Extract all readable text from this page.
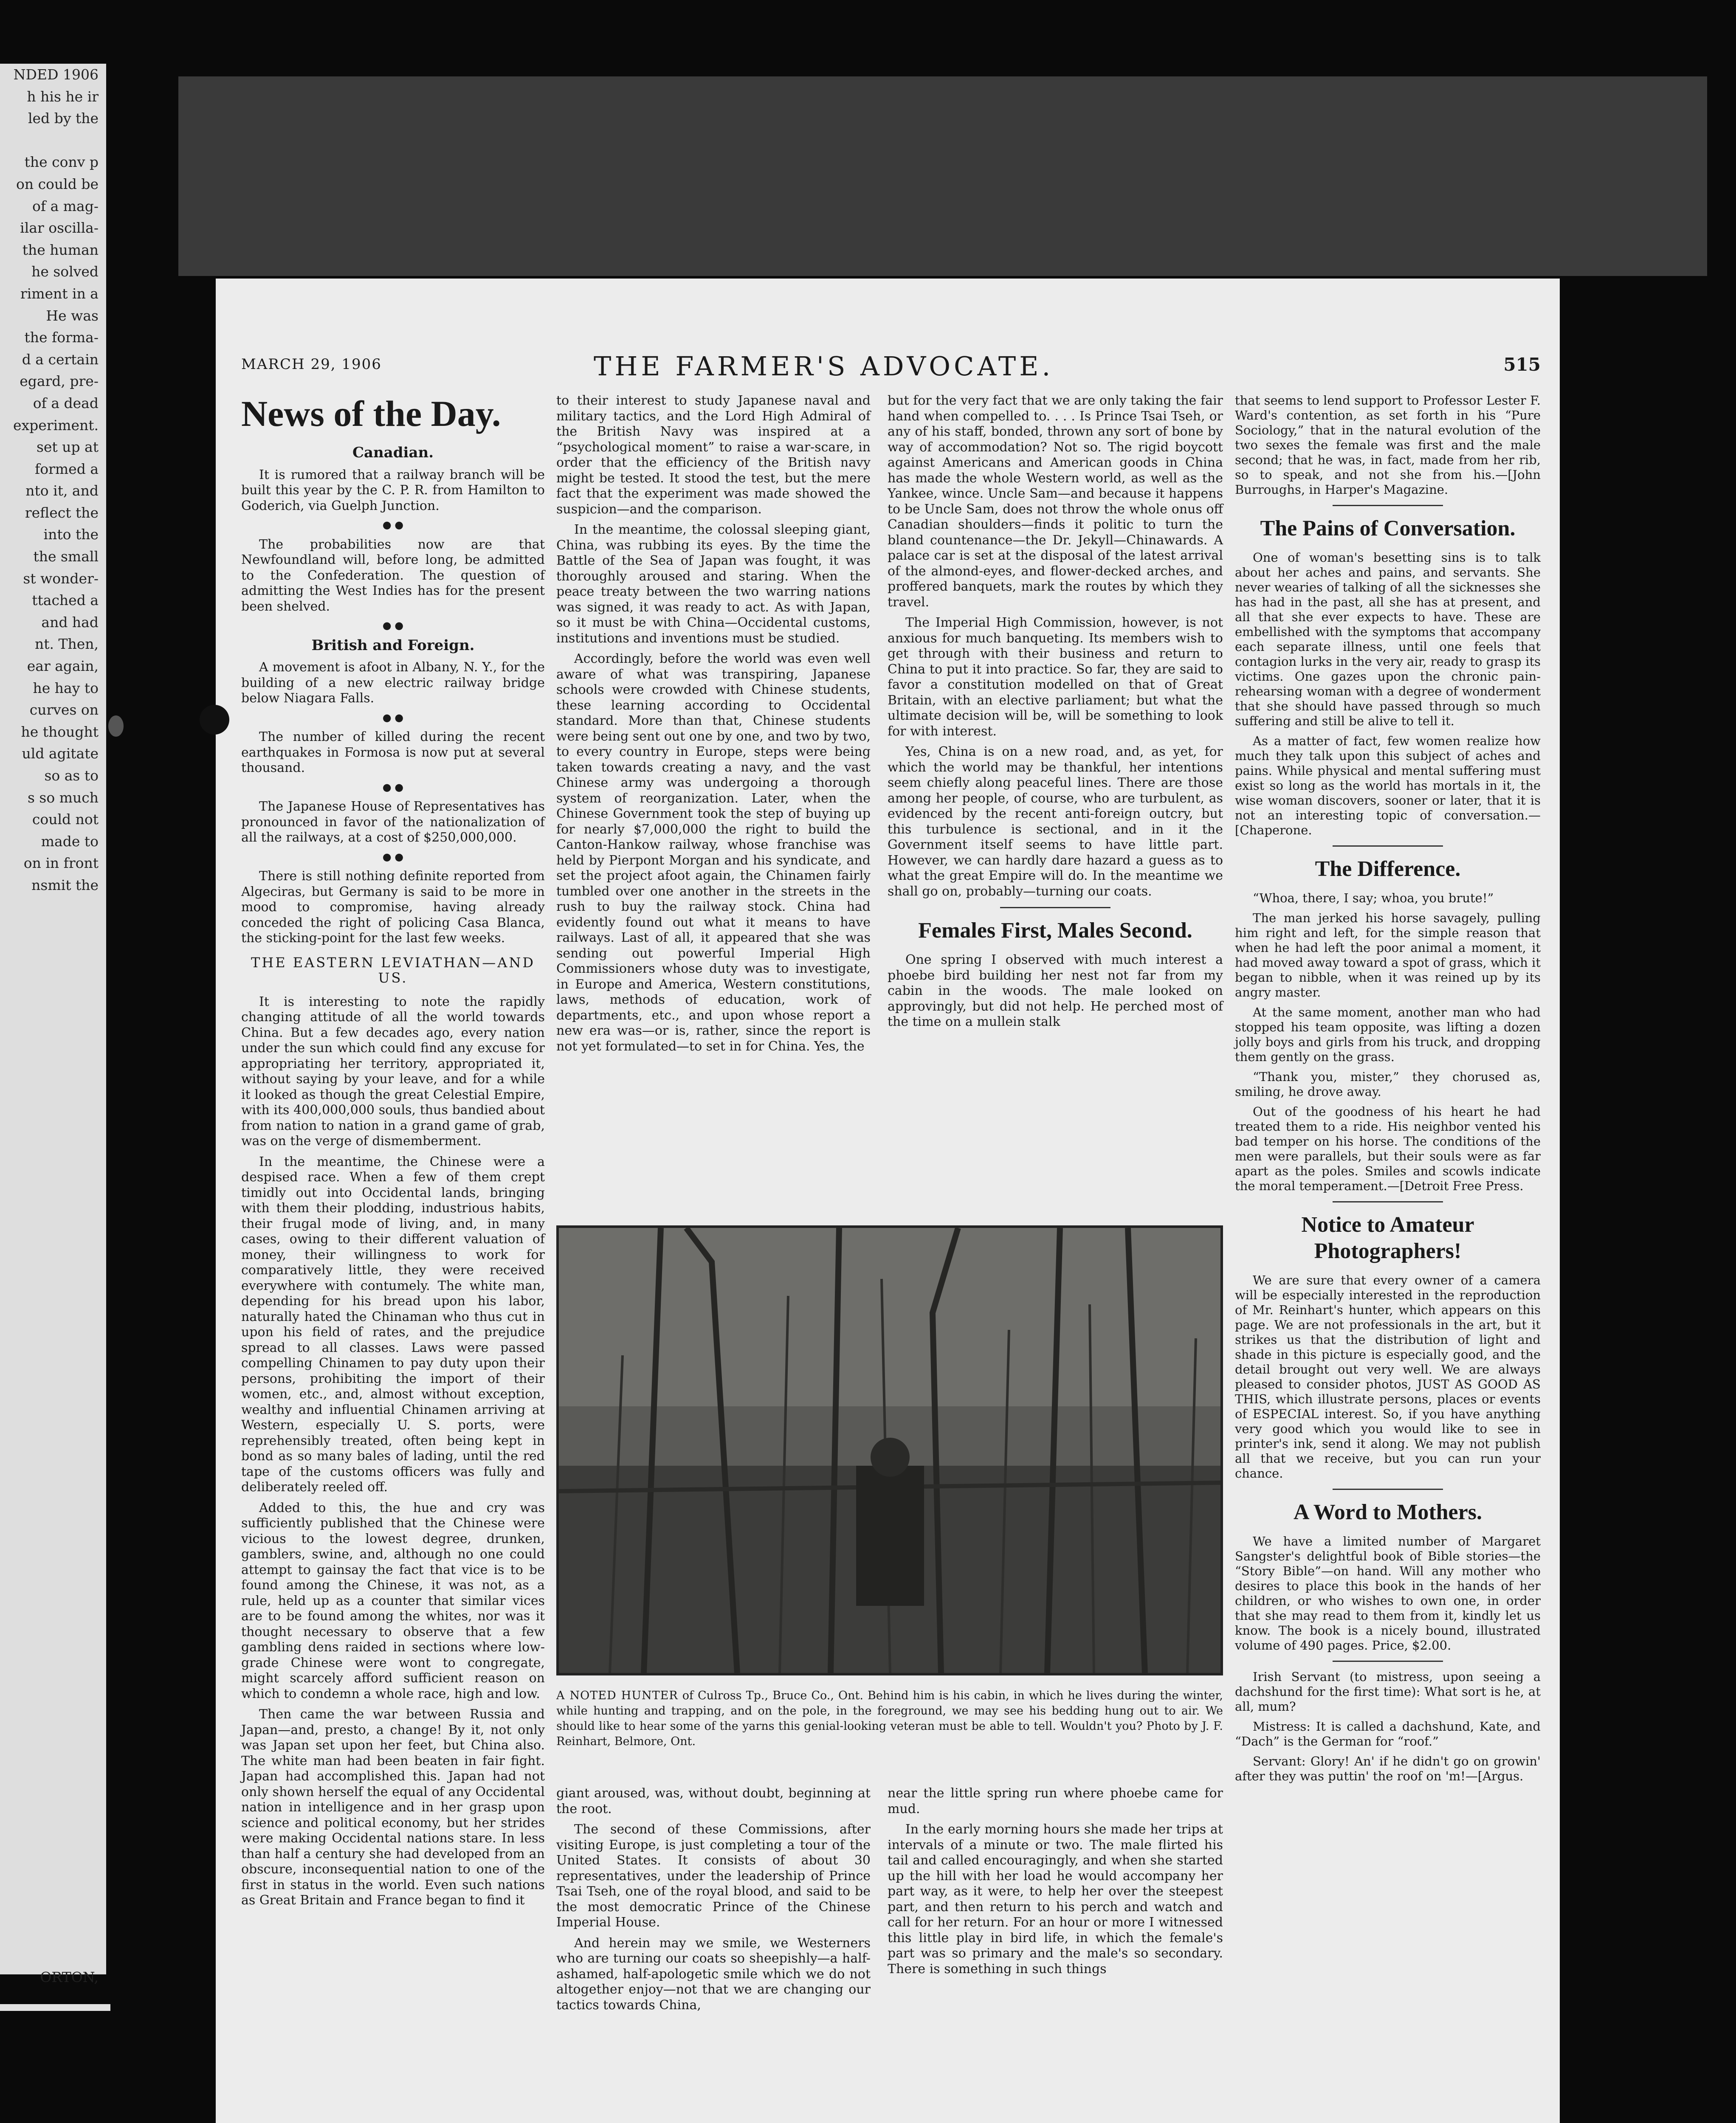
NDED 1906
h his he ir
led by the

the conv p
on could be
of a mag-
ilar oscilla-
the human
he solved
riment in a
He was
the forma-
d a certain
egard, pre-
of a dead
experiment.
set up at
formed a
nto it, and
reflect the
into the
the small
st wonder-
ttached a
and had
nt. Then,
ear again,
he hay to
curves on
he thought
uld agitate
so as to
s so much
could not
made to
on in front
nsmit the
ORTON,
MARCH 29, 1906	THE FARMER'S ADVOCATE.	515
News of the Day.
Canadian.

It is rumored that a railway branch will be built this year by the C. P. R. from Hamilton to Goderich, via Guelph Junction.

● ●

The probabilities now are that Newfoundland will, before long, be admitted to the Confederation. The question of admitting the West Indies has for the present been shelved.

● ●
British and Foreign.

A movement is afoot in Albany, N. Y., for the building of a new electric railway bridge below Niagara Falls.

● ●

The number of killed during the recent earthquakes in Formosa is now put at several thousand.

● ●

The Japanese House of Representatives has pronounced in favor of the nationalization of all the railways, at a cost of $250,000,000.

● ●

There is still nothing definite reported from Algeciras, but Germany is said to be more in mood to compromise, having already conceded the right of policing Casa Blanca, the sticking-point for the last few weeks.

THE EASTERN LEVIATHAN—AND US.

It is interesting to note the rapidly changing attitude of all the world towards China. But a few decades ago, every nation under the sun which could find any excuse for appropriating her territory, appropriated it, without saying by your leave, and for a while it looked as though the great Celestial Empire, with its 400,000,000 souls, thus bandied about from nation to nation in a grand game of grab, was on the verge of dismemberment.

In the meantime, the Chinese were a despised race. When a few of them crept timidly out into Occidental lands, bringing with them their plodding, industrious habits, their frugal mode of living, and, in many cases, owing to their different valuation of money, their willingness to work for comparatively little, they were received everywhere with contumely. The white man, depending for his bread upon his labor, naturally hated the Chinaman who thus cut in upon his field of rates, and the prejudice spread to all classes. Laws were passed compelling Chinamen to pay duty upon their persons, prohibiting the import of their women, etc., and, almost without exception, wealthy and influential Chinamen arriving at Western, especially U. S. ports, were reprehensibly treated, often being kept in bond as so many bales of lading, until the red tape of the customs officers was fully and deliberately reeled off.

Added to this, the hue and cry was sufficiently published that the Chinese were vicious to the lowest degree, drunken, gamblers, swine, and, although no one could attempt to gainsay the fact that vice is to be found among the Chinese, it was not, as a rule, held up as a counter that similar vices are to be found among the whites, nor was it thought necessary to observe that a few gambling dens raided in sections where low-grade Chinese were wont to congregate, might scarcely afford sufficient reason on which to condemn a whole race, high and low.

Then came the war between Russia and Japan—and, presto, a change! By it, not only was Japan set upon her feet, but China also. The white man had been beaten in fair fight. Japan had accomplished this. Japan had not only shown herself the equal of any Occidental nation in intelligence and in her grasp upon science and political economy, but her strides were making Occidental nations stare. In less than half a century she had developed from an obscure, inconsequential nation to one of the first in status in the world. Even such nations as Great Britain and France began to find it

to their interest to study Japanese naval and military tactics, and the Lord High Admiral of the British Navy was inspired at a “psychological moment” to raise a war-scare, in order that the efficiency of the British navy might be tested. It stood the test, but the mere fact that the experiment was made showed the suspicion—and the comparison.

In the meantime, the colossal sleeping giant, China, was rubbing its eyes. By the time the Battle of the Sea of Japan was fought, it was thoroughly aroused and staring. When the peace treaty between the two warring nations was signed, it was ready to act. As with Japan, so it must be with China—Occidental customs, institutions and inventions must be studied.

Accordingly, before the world was even well aware of what was transpiring, Japanese schools were crowded with Chinese students, these learning according to Occidental standard. More than that, Chinese students were being sent out one by one, and two by two, to every country in Europe, steps were being taken towards creating a navy, and the vast Chinese army was undergoing a thorough system of reorganization. Later, when the Chinese Government took the step of buying up for nearly $7,000,000 the right to build the Canton-Hankow railway, whose franchise was held by Pierpont Morgan and his syndicate, and set the project afoot again, the Chinamen fairly tumbled over one another in the streets in the rush to buy the railway stock. China had evidently found out what it means to have railways. Last of all, it appeared that she was sending out powerful Imperial High Commissioners whose duty was to investigate, in Europe and America, Western constitutions, laws, methods of education, work of departments, etc., and upon whose report a new era was—or is, rather, since the report is not yet formulated—to set in for China. Yes, the

but for the very fact that we are only taking the fair hand when compelled to. . . . Is Prince Tsai Tseh, or any of his staff, bonded, thrown any sort of bone by way of accommodation? Not so. The rigid boycott against Americans and American goods in China has made the whole Western world, as well as the Yankee, wince. Uncle Sam—and because it happens to be Uncle Sam, does not throw the whole onus off Canadian shoulders—finds it politic to turn the bland countenance—the Dr. Jekyll—Chinawards. A palace car is set at the disposal of the latest arrival of the almond-eyes, and flower-decked arches, and proffered banquets, mark the routes by which they travel.

The Imperial High Commission, however, is not anxious for much banqueting. Its members wish to get through with their business and return to China to put it into practice. So far, they are said to favor a constitution modelled on that of Great Britain, with an elective parliament; but what the ultimate decision will be, will be something to look for with interest.

Yes, China is on a new road, and, as yet, for which the world may be thankful, her intentions seem chiefly along peaceful lines. There are those among her people, of course, who are turbulent, as evidenced by the recent anti-foreign outcry, but this turbulence is sectional, and in it the Government itself seems to have little part. However, we can hardly dare hazard a guess as to what the great Empire will do. In the meantime we shall go on, probably—turning our coats.

Females First, Males Second.

One spring I observed with much interest a phoebe bird building her nest not far from my cabin in the woods. The male looked on approvingly, but did not help. He perched most of the time on a mullein stalk

A NOTED HUNTER of Culross Tp., Bruce Co., Ont. Behind him is his cabin, in which he lives during the winter, while hunting and trapping, and on the pole, in the foreground, we may see his bedding hung out to air. We should like to hear some of the yarns this genial-looking veteran must be able to tell. Wouldn't you? Photo by J. F. Reinhart, Belmore, Ont.

giant aroused, was, without doubt, beginning at the root.

The second of these Commissions, after visiting Europe, is just completing a tour of the United States. It consists of about 30 representatives, under the leadership of Prince Tsai Tseh, one of the royal blood, and said to be the most democratic Prince of the Chinese Imperial House.

And herein may we smile, we Westerners who are turning our coats so sheepishly—a half-ashamed, half-apologetic smile which we do not altogether enjoy—not that we are changing our tactics towards China,

near the little spring run where phoebe came for mud.

In the early morning hours she made her trips at intervals of a minute or two. The male flirted his tail and called encouragingly, and when she started up the hill with her load he would accompany her part way, as it were, to help her over the steepest part, and then return to his perch and watch and call for her return. For an hour or more I witnessed this little play in bird life, in which the female's part was so primary and the male's so secondary. There is something in such things

that seems to lend support to Professor Lester F. Ward's contention, as set forth in his “Pure Sociology,” that in the natural evolution of the two sexes the female was first and the male second; that he was, in fact, made from her rib, so to speak, and not she from his.—[John Burroughs, in Harper's Magazine.

The Pains of Conversation.

One of woman's besetting sins is to talk about her aches and pains, and servants. She never wearies of talking of all the sicknesses she has had in the past, all she has at present, and all that she ever expects to have. These are embellished with the symptoms that accompany each separate illness, until one feels that contagion lurks in the very air, ready to grasp its victims. One gazes upon the chronic pain-rehearsing woman with a degree of wonderment that she should have passed through so much suffering and still be alive to tell it.

As a matter of fact, few women realize how much they talk upon this subject of aches and pains. While physical and mental suffering must exist so long as the world has mortals in it, the wise woman discovers, sooner or later, that it is not an interesting topic of conversation.—[Chaperone.

The Difference.

“Whoa, there, I say; whoa, you brute!”

The man jerked his horse savagely, pulling him right and left, for the simple reason that when he had left the poor animal a moment, it had moved away toward a spot of grass, which it began to nibble, when it was reined up by its angry master.

At the same moment, another man who had stopped his team opposite, was lifting a dozen jolly boys and girls from his truck, and dropping them gently on the grass.

“Thank you, mister,” they chorused as, smiling, he drove away.

Out of the goodness of his heart he had treated them to a ride. His neighbor vented his bad temper on his horse. The conditions of the men were parallels, but their souls were as far apart as the poles. Smiles and scowls indicate the moral temperament.—[Detroit Free Press.

Notice to Amateur Photographers!

We are sure that every owner of a camera will be especially interested in the reproduction of Mr. Reinhart's hunter, which appears on this page. We are not professionals in the art, but it strikes us that the distribution of light and shade in this picture is especially good, and the detail brought out very well. We are always pleased to consider photos, JUST AS GOOD AS THIS, which illustrate persons, places or events of ESPECIAL interest. So, if you have anything very good which you would like to see in printer's ink, send it along. We may not publish all that we receive, but you can run your chance.

A Word to Mothers.

We have a limited number of Margaret Sangster's delightful book of Bible stories—the “Story Bible”—on hand. Will any mother who desires to place this book in the hands of her children, or who wishes to own one, in order that she may read to them from it, kindly let us know. The book is a nicely bound, illustrated volume of 490 pages. Price, $2.00.

Irish Servant (to mistress, upon seeing a dachshund for the first time): What sort is he, at all, mum?

Mistress: It is called a dachshund, Kate, and “Dach” is the German for “roof.”

Servant: Glory! An' if he didn't go on growin' after they was puttin' the roof on 'm!—[Argus.
